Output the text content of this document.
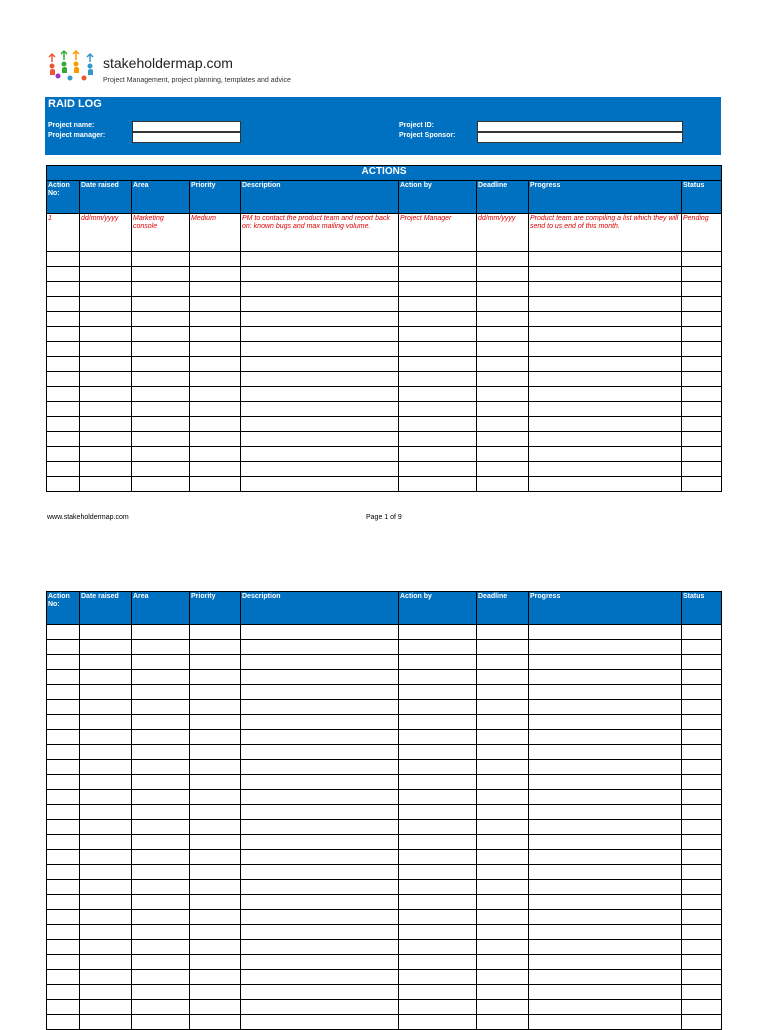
stakeholdermap.com
Project Management, project planning, templates and advice
RAID LOG
Project name:
Project manager:
Project ID:
Project Sponsor:
ACTIONS								
Action No:	Date raised	Area	Priority	Description	Action by	Deadline	Progress	Status
1	dd/mm/yyyy	Marketing console	Medium	PM to contact the product team and report back on: known bugs and max mailing volume.	Project Manager	dd/mm/yyyy	Product team are compiling a list which they will send to us end of this month.	Pending

www.stakeholdermap.com	Page 1 of 9
Action No:	Date raised	Area	Priority	Description	Action by	Deadline	Progress	Status
